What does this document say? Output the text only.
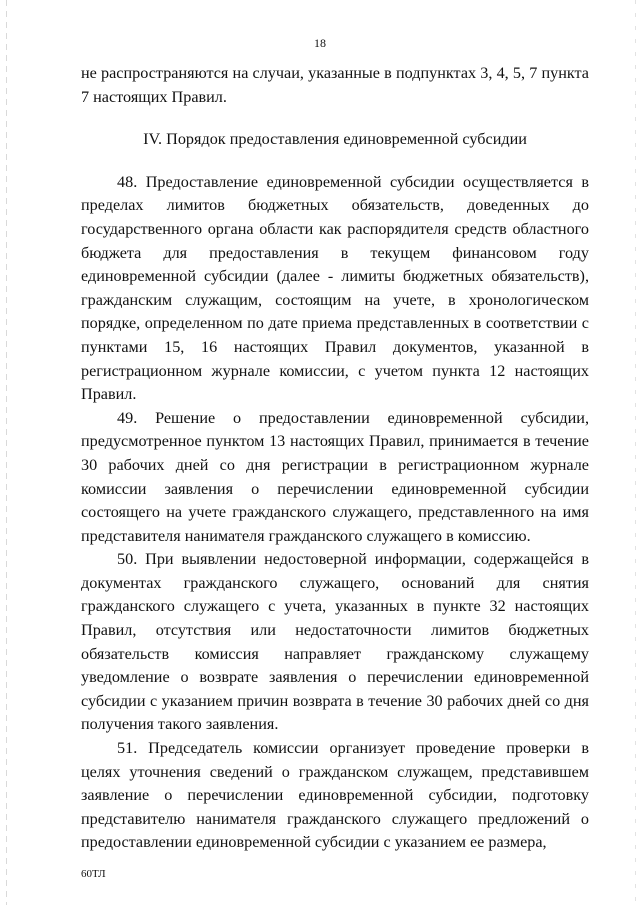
18

не распространяются на случаи, указанные в подпунктах 3, 4, 5, 7 пункта 7 настоящих Правил.

IV. Порядок предоставления единовременной субсидии

48. Предоставление единовременной субсидии осуществляется в пределах лимитов бюджетных обязательств, доведенных до государственного органа области как распорядителя средств областного бюджета для предоставления в текущем финансовом году единовременной субсидии (далее - лимиты бюджетных обязательств), гражданским служащим, состоящим на учете, в хронологическом порядке, определенном по дате приема представленных в соответствии с пунктами 15, 16 настоящих Правил документов, указанной в регистрационном журнале комиссии, с учетом пункта 12 настоящих Правил.

49. Решение о предоставлении единовременной субсидии, предусмотренное пунктом 13 настоящих Правил, принимается в течение 30 рабочих дней со дня регистрации в регистрационном журнале комиссии заявления о перечислении единовременной субсидии состоящего на учете гражданского служащего, представленного на имя представителя нанимателя гражданского служащего в комиссию.

50. При выявлении недостоверной информации, содержащейся в документах гражданского служащего, оснований для снятия гражданского служащего с учета, указанных в пункте 32 настоящих Правил, отсутствия или недостаточности лимитов бюджетных обязательств комиссия направляет гражданскому служащему уведомление о возврате заявления о перечислении единовременной субсидии с указанием причин возврата в течение 30 рабочих дней со дня получения такого заявления.

51. Председатель комиссии организует проведение проверки в целях уточнения сведений о гражданском служащем, представившем заявление о перечислении единовременной субсидии, подготовку представителю нанимателя гражданского служащего предложений о предоставлении единовременной субсидии с указанием ее размера,

60ТЛ
